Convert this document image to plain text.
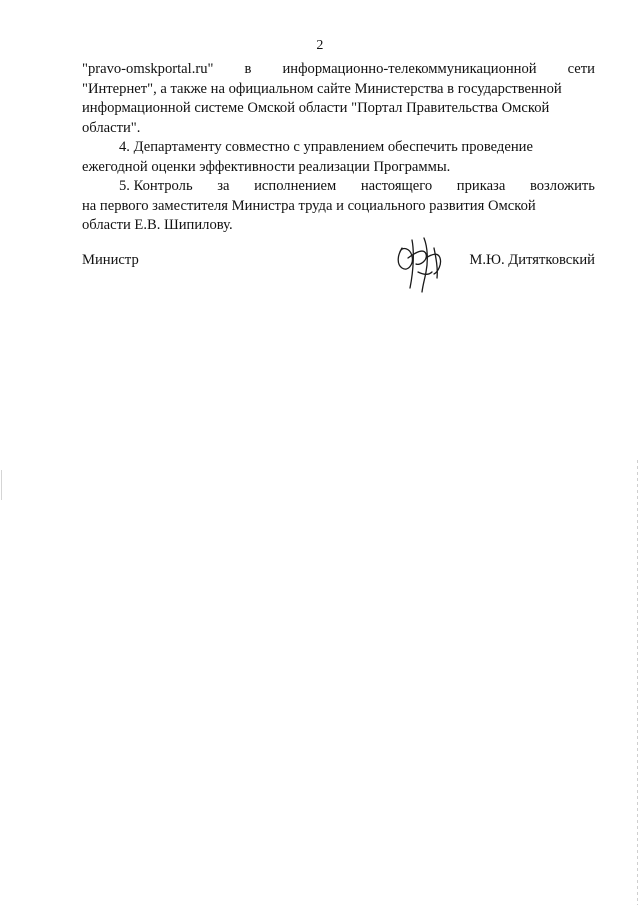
2
"pravo-omskportal.ru" в информационно-телекоммуникационной сети
"Интернет", а также на официальном сайте Министерства в государственной
информационной системе Омской области "Портал Правительства Омской
области".
4. Департаменту совместно с управлением обеспечить проведение
ежегодной оценки эффективности реализации Программы.
5. Контроль за исполнением настоящего приказа возложить
на первого заместителя Министра труда и социального развития Омской
области Е.В. Шипилову.
Министр	М.Ю. Дитятковский
